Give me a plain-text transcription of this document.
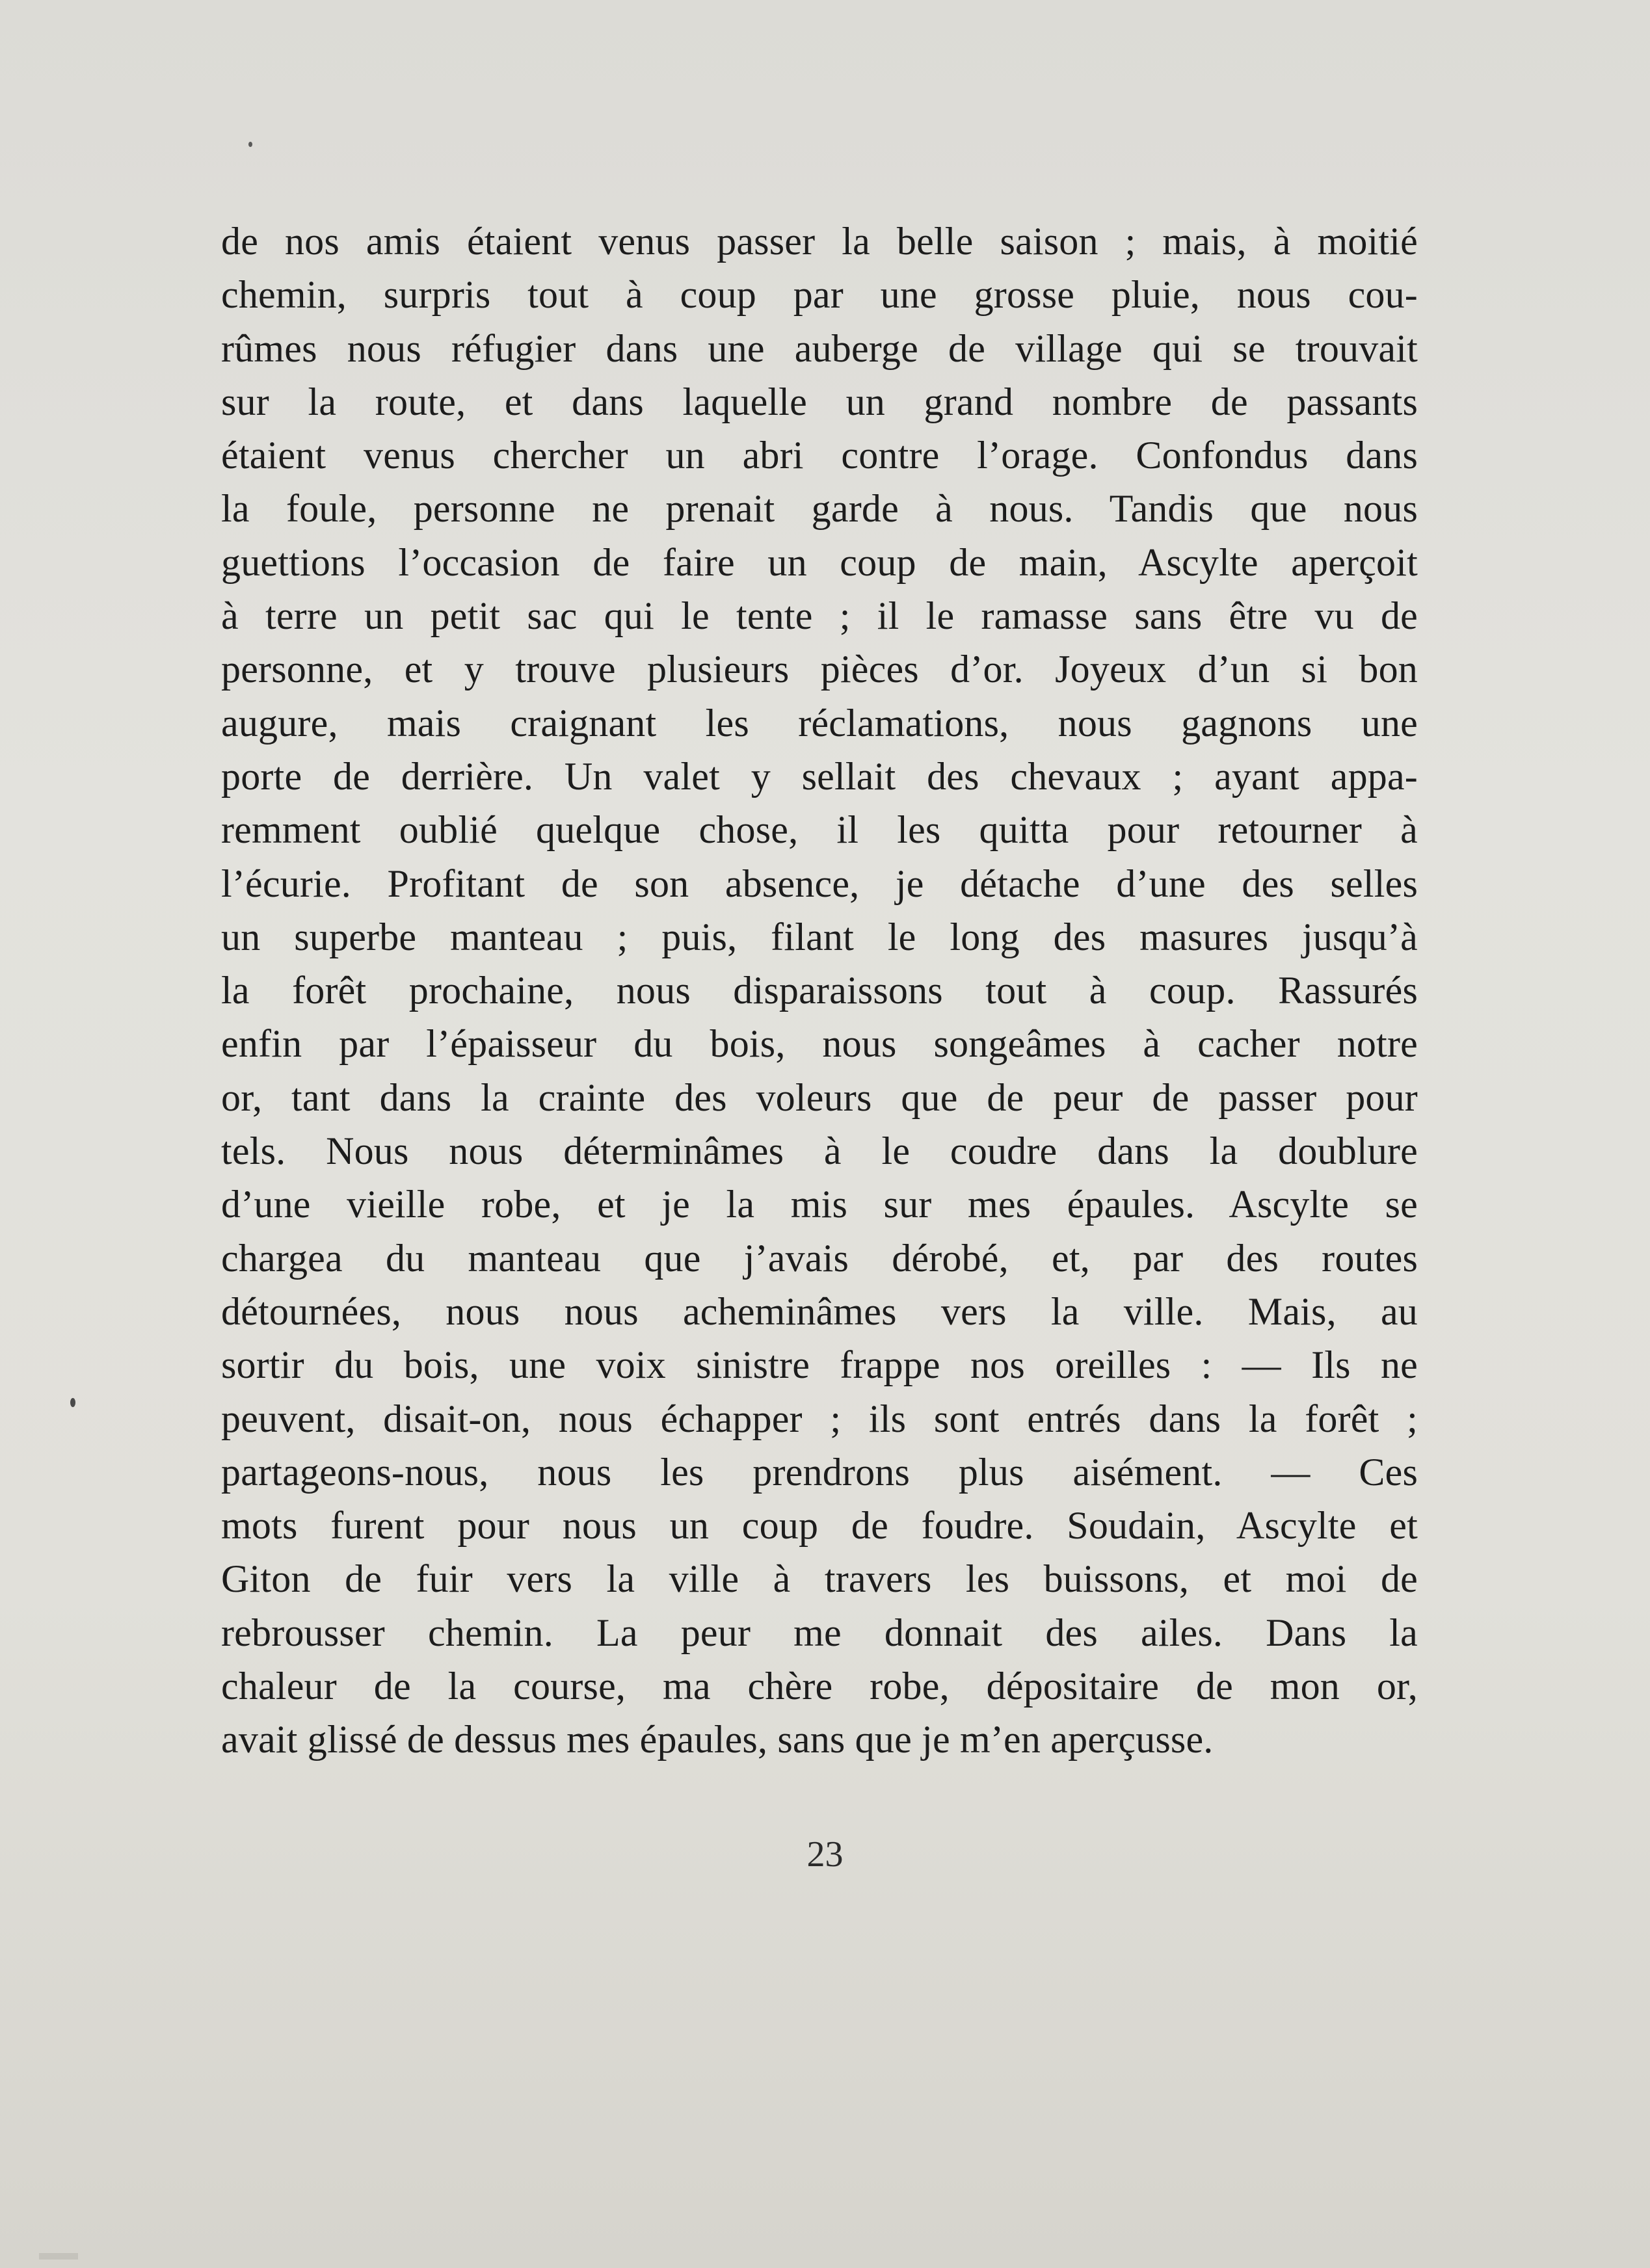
de nos amis étaient venus passer la belle saison ; mais, à moitié
chemin, surpris tout à coup par une grosse pluie, nous cou-
rûmes nous réfugier dans une auberge de village qui se trouvait
sur la route, et dans laquelle un grand nombre de passants
étaient venus chercher un abri contre l’orage. Confondus dans
la foule, personne ne prenait garde à nous. Tandis que nous
guettions l’occasion de faire un coup de main, Ascylte aperçoit
à terre un petit sac qui le tente ; il le ramasse sans être vu de
personne, et y trouve plusieurs pièces d’or. Joyeux d’un si bon
augure, mais craignant les réclamations, nous gagnons une
porte de derrière. Un valet y sellait des chevaux ; ayant appa-
remment oublié quelque chose, il les quitta pour retourner à
l’écurie. Profitant de son absence, je détache d’une des selles
un superbe manteau ; puis, filant le long des masures jusqu’à
la forêt prochaine, nous disparaissons tout à coup. Rassurés
enfin par l’épaisseur du bois, nous songeâmes à cacher notre
or, tant dans la crainte des voleurs que de peur de passer pour
tels. Nous nous déterminâmes à le coudre dans la doublure
d’une vieille robe, et je la mis sur mes épaules. Ascylte se
chargea du manteau que j’avais dérobé, et, par des routes
détournées, nous nous acheminâmes vers la ville. Mais, au
sortir du bois, une voix sinistre frappe nos oreilles : — Ils ne
peuvent, disait-on, nous échapper ; ils sont entrés dans la forêt ;
partageons-nous, nous les prendrons plus aisément. — Ces
mots furent pour nous un coup de foudre. Soudain, Ascylte et
Giton de fuir vers la ville à travers les buissons, et moi de
rebrousser chemin. La peur me donnait des ailes. Dans la
chaleur de la course, ma chère robe, dépositaire de mon or,
avait glissé de dessus mes épaules, sans que je m’en aperçusse.
23
